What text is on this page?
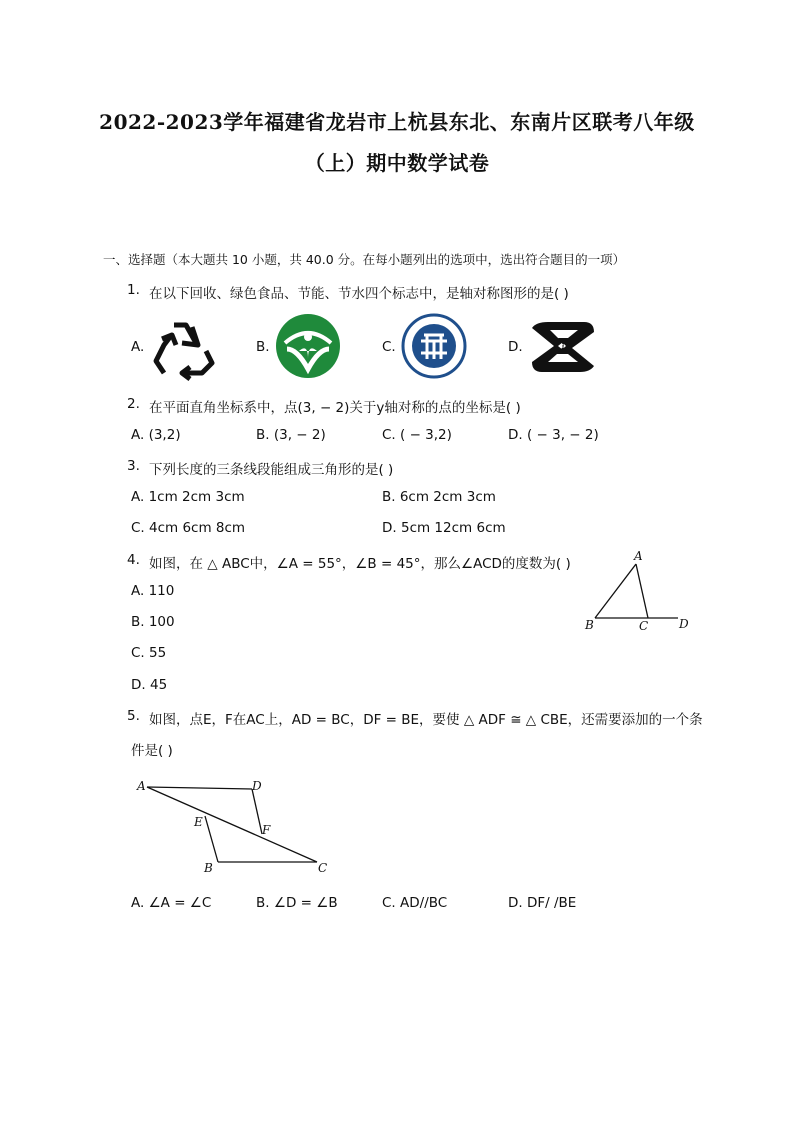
2022-2023学年福建省龙岩市上杭县东北、东南片区联考八年级
（上）期中数学试卷
一、选择题（本大题共 10 小题，共 40.0 分。在每小题列出的选项中，选出符合题目的一项）
1. 在以下回收、绿色食品、节能、节水四个标志中，是轴对称图形的是( )
A.	B.	C.	D.
2. 在平面直角坐标系中，点(3, − 2)关于y轴对称的点的坐标是( )
A. (3,2)	B. (3, − 2)	C. ( − 3,2)	D. ( − 3, − 2)
3. 下列长度的三条线段能组成三角形的是( )
A. 1cm 2cm 3cm	B. 6cm 2cm 3cm
C. 4cm 6cm 8cm	D. 5cm 12cm 6cm
4. 如图，在 △ ABC中，∠A = 55°，∠B = 45°，那么∠ACD的度数为( )
A. 110
B. 100
C. 55
D. 45
A
B	C	D
5. 如图，点E，F在AC上，AD = BC，DF = BE，要使 △ ADF ≅ △ CBE，还需要添加的一个条
件是( )
A	D
E
F
B	C
A. ∠A = ∠C	B. ∠D = ∠B	C. AD//BC	D. DF/ /BE
